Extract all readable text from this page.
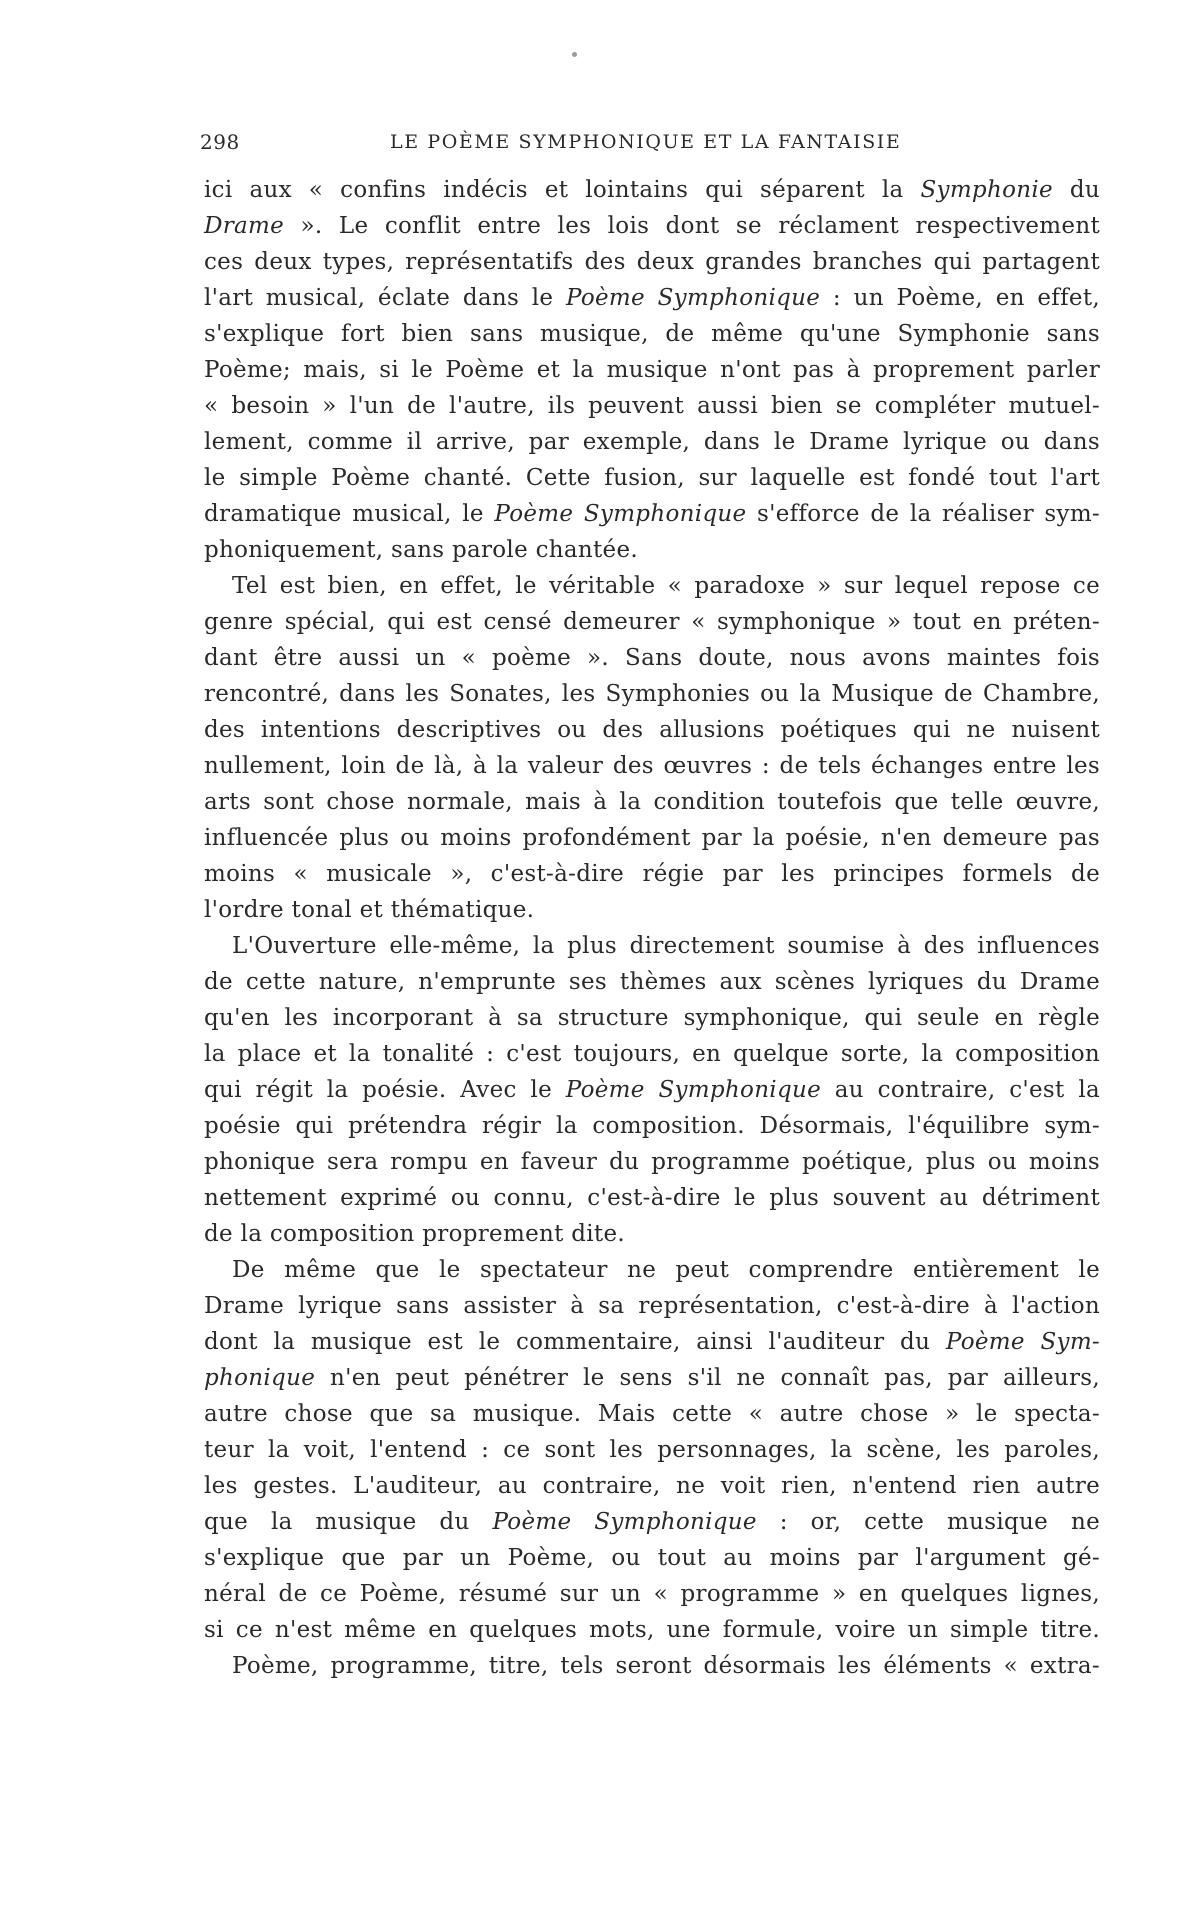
298	LE POÈME SYMPHONIQUE ET LA FANTAISIE
ici aux « confins indécis et lointains qui séparent la Symphonie du
Drame ». Le conflit entre les lois dont se réclament respectivement
ces deux types, représentatifs des deux grandes branches qui partagent
l'art musical, éclate dans le Poème Symphonique : un Poème, en effet,
s'explique fort bien sans musique, de même qu'une Symphonie sans
Poème; mais, si le Poème et la musique n'ont pas à proprement parler
« besoin » l'un de l'autre, ils peuvent aussi bien se compléter mutuel-
lement, comme il arrive, par exemple, dans le Drame lyrique ou dans
le simple Poème chanté. Cette fusion, sur laquelle est fondé tout l'art
dramatique musical, le Poème Symphonique s'efforce de la réaliser sym-
phoniquement, sans parole chantée.
Tel est bien, en effet, le véritable « paradoxe » sur lequel repose ce
genre spécial, qui est censé demeurer « symphonique » tout en préten-
dant être aussi un « poème ». Sans doute, nous avons maintes fois
rencontré, dans les Sonates, les Symphonies ou la Musique de Chambre,
des intentions descriptives ou des allusions poétiques qui ne nuisent
nullement, loin de là, à la valeur des œuvres : de tels échanges entre les
arts sont chose normale, mais à la condition toutefois que telle œuvre,
influencée plus ou moins profondément par la poésie, n'en demeure pas
moins « musicale », c'est-à-dire régie par les principes formels de
l'ordre tonal et thématique.
L'Ouverture elle-même, la plus directement soumise à des influences
de cette nature, n'emprunte ses thèmes aux scènes lyriques du Drame
qu'en les incorporant à sa structure symphonique, qui seule en règle
la place et la tonalité : c'est toujours, en quelque sorte, la composition
qui régit la poésie. Avec le Poème Symphonique au contraire, c'est la
poésie qui prétendra régir la composition. Désormais, l'équilibre sym-
phonique sera rompu en faveur du programme poétique, plus ou moins
nettement exprimé ou connu, c'est-à-dire le plus souvent au détriment
de la composition proprement dite.
De même que le spectateur ne peut comprendre entièrement le
Drame lyrique sans assister à sa représentation, c'est-à-dire à l'action
dont la musique est le commentaire, ainsi l'auditeur du Poème Sym-
phonique n'en peut pénétrer le sens s'il ne connaît pas, par ailleurs,
autre chose que sa musique. Mais cette « autre chose » le specta-
teur la voit, l'entend : ce sont les personnages, la scène, les paroles,
les gestes. L'auditeur, au contraire, ne voit rien, n'entend rien autre
que la musique du Poème Symphonique : or, cette musique ne
s'explique que par un Poème, ou tout au moins par l'argument gé-
néral de ce Poème, résumé sur un « programme » en quelques lignes,
si ce n'est même en quelques mots, une formule, voire un simple titre.
Poème, programme, titre, tels seront désormais les éléments « extra-
